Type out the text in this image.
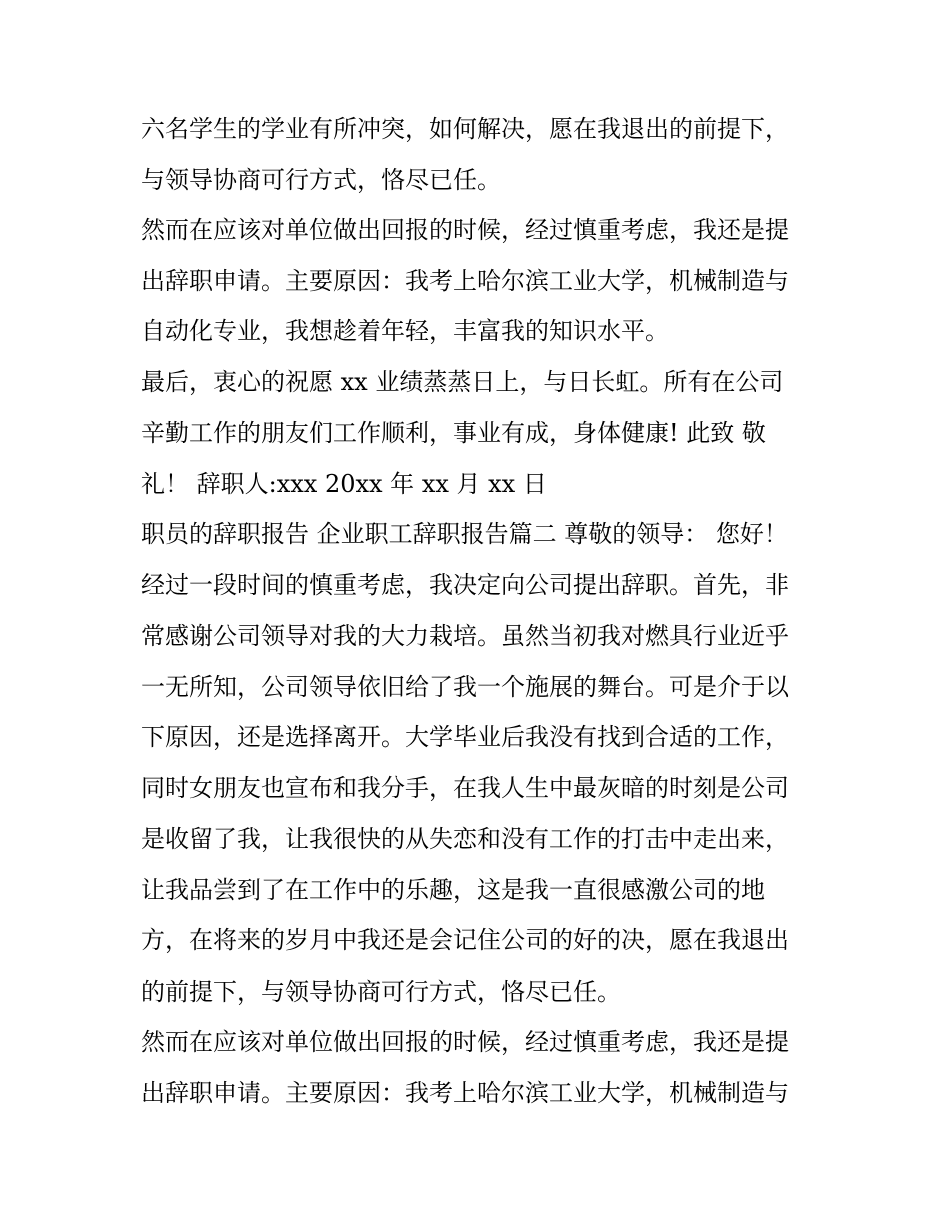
六名学生的学业有所冲突，如何解决，愿在我退出的前提下，
与领导协商可行方式，恪尽已任。
然而在应该对单位做出回报的时候，经过慎重考虑，我还是提
出辞职申请。主要原因：我考上哈尔滨工业大学，机械制造与
自动化专业，我想趁着年轻，丰富我的知识水平。
最后，衷心的祝愿 xx 业绩蒸蒸日上，与日长虹。所有在公司
辛勤工作的朋友们工作顺利，事业有成，身体健康! 此致 敬
礼！ 辞职人:xxx 20xx 年 xx 月 xx 日
职员的辞职报告 企业职工辞职报告篇二 尊敬的领导： 您好！
经过一段时间的慎重考虑，我决定向公司提出辞职。首先，非
常感谢公司领导对我的大力栽培。虽然当初我对燃具行业近乎
一无所知，公司领导依旧给了我一个施展的舞台。可是介于以
下原因，还是选择离开。大学毕业后我没有找到合适的工作，
同时女朋友也宣布和我分手，在我人生中最灰暗的时刻是公司
是收留了我，让我很快的从失恋和没有工作的打击中走出来，
让我品尝到了在工作中的乐趣，这是我一直很感激公司的地
方，在将来的岁月中我还是会记住公司的好的决，愿在我退出
的前提下，与领导协商可行方式，恪尽已任。
然而在应该对单位做出回报的时候，经过慎重考虑，我还是提
出辞职申请。主要原因：我考上哈尔滨工业大学，机械制造与
